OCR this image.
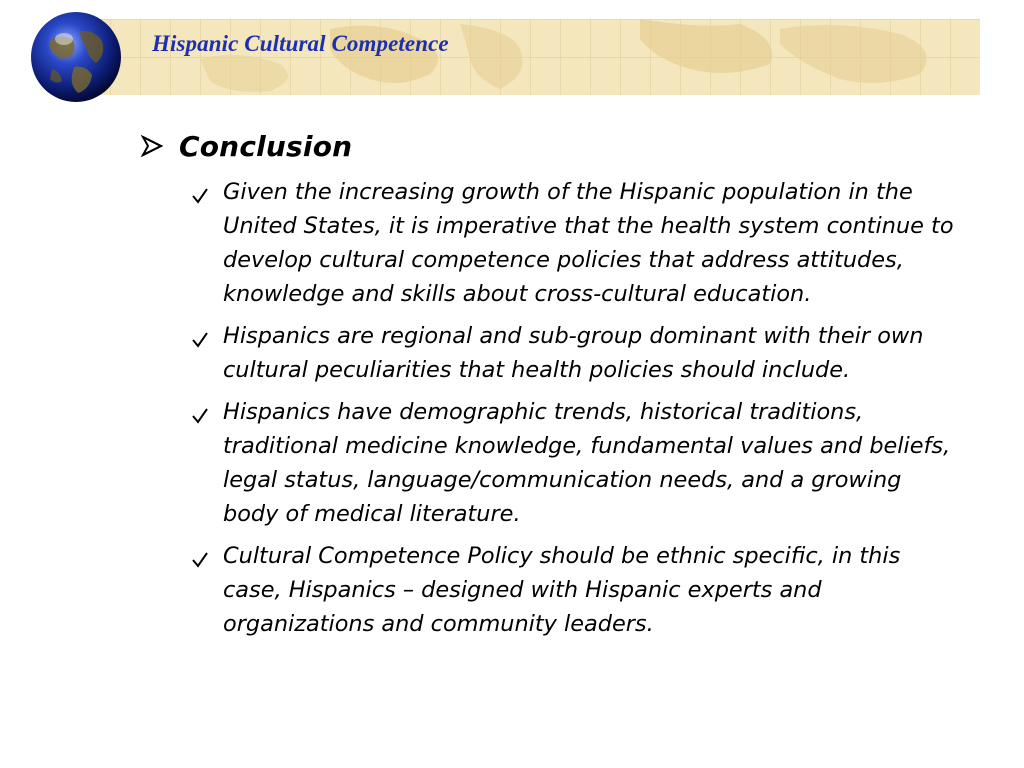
Hispanic Cultural Competence
Conclusion
Given the increasing growth of the Hispanic population in the United States, it is imperative that the health system continue to develop cultural competence policies that address attitudes, knowledge and skills about cross-cultural education.
Hispanics are regional and sub-group dominant with their own cultural peculiarities that health policies should include.
Hispanics have demographic trends, historical traditions, traditional medicine knowledge, fundamental values and beliefs, legal status, language/communication needs, and a growing body of medical literature.
Cultural Competence Policy should be ethnic specific, in this case, Hispanics – designed with Hispanic experts and organizations and community leaders.
